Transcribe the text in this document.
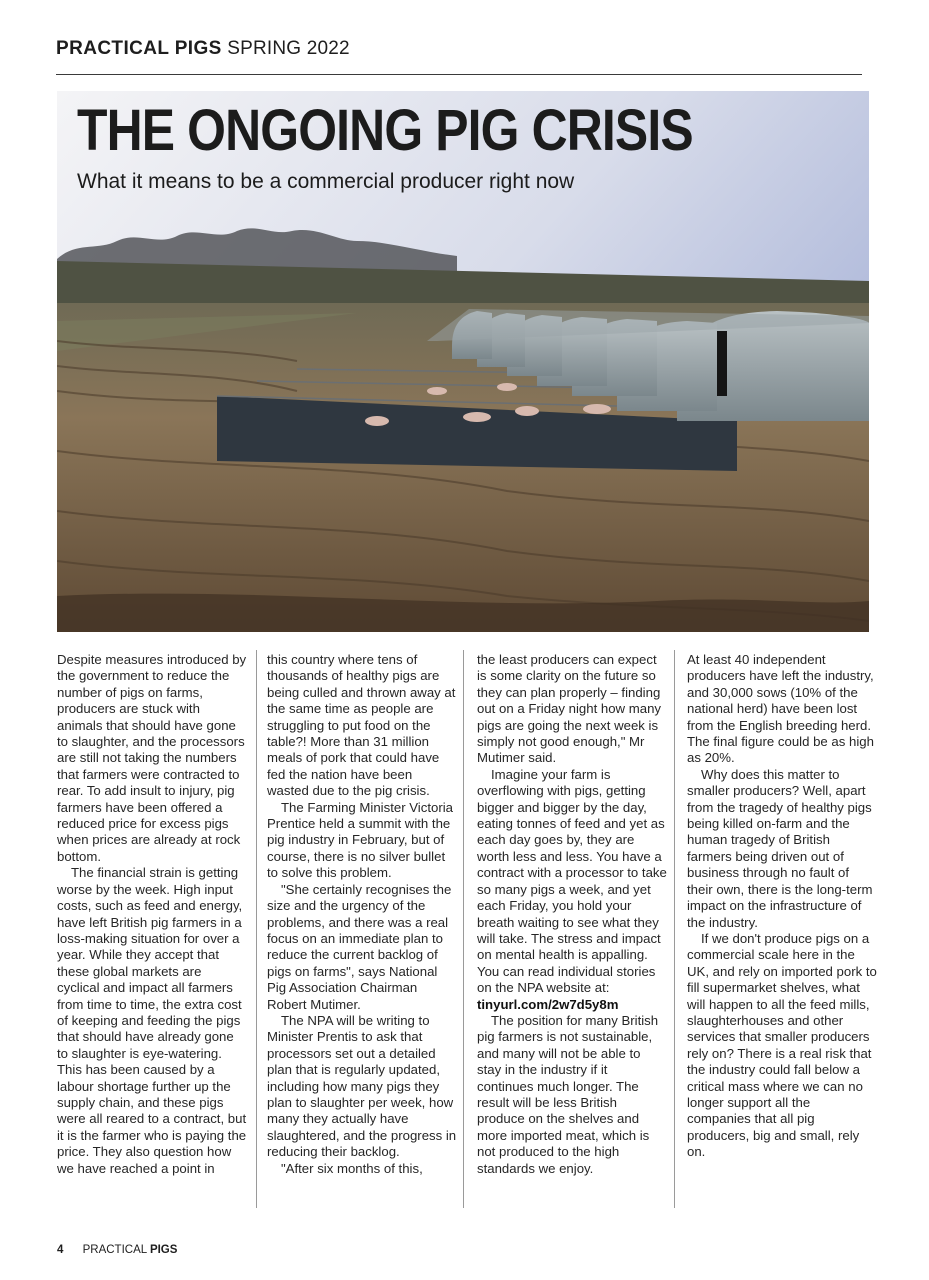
PRACTICAL PIGS SPRING 2022
THE ONGOING PIG CRISIS
What it means to be a commercial producer right now

Despite measures introduced by the government to reduce the number of pigs on farms, producers are stuck with animals that should have gone to slaughter, and the processors are still not taking the numbers that farmers were contracted to rear. To add insult to injury, pig farmers have been offered a reduced price for excess pigs when prices are already at rock bottom.

The financial strain is getting worse by the week. High input costs, such as feed and energy, have left British pig farmers in a loss-making situation for over a year. While they accept that these global markets are cyclical and impact all farmers from time to time, the extra cost of keeping and feeding the pigs that should have already gone to slaughter is eye-watering. This has been caused by a labour shortage further up the supply chain, and these pigs were all reared to a contract, but it is the farmer who is paying the price. They also question how we have reached a point in

this country where tens of thousands of healthy pigs are being culled and thrown away at the same time as people are struggling to put food on the table?! More than 31 million meals of pork that could have fed the nation have been wasted due to the pig crisis.

The Farming Minister Victoria Prentice held a summit with the pig industry in February, but of course, there is no silver bullet to solve this problem.

"She certainly recognises the size and the urgency of the problems, and there was a real focus on an immediate plan to reduce the current backlog of pigs on farms", says National Pig Association Chairman Robert Mutimer.

The NPA will be writing to Minister Prentis to ask that processors set out a detailed plan that is regularly updated, including how many pigs they plan to slaughter per week, how many they actually have slaughtered, and the progress in reducing their backlog.

"After six months of this,

the least producers can expect is some clarity on the future so they can plan properly – finding out on a Friday night how many pigs are going the next week is simply not good enough," Mr Mutimer said.

Imagine your farm is overflowing with pigs, getting bigger and bigger by the day, eating tonnes of feed and yet as each day goes by, they are worth less and less. You have a contract with a processor to take so many pigs a week, and yet each Friday, you hold your breath waiting to see what they will take. The stress and impact on mental health is appalling. You can read individual stories on the NPA website at: tinyurl.com/2w7d5y8m

The position for many British pig farmers is not sustainable, and many will not be able to stay in the industry if it continues much longer. The result will be less British produce on the shelves and more imported meat, which is not produced to the high standards we enjoy.

At least 40 independent producers have left the industry, and 30,000 sows (10% of the national herd) have been lost from the English breeding herd. The final figure could be as high as 20%.

Why does this matter to smaller producers? Well, apart from the tragedy of healthy pigs being killed on-farm and the human tragedy of British farmers being driven out of business through no fault of their own, there is the long-term impact on the infrastructure of the industry.

If we don't produce pigs on a commercial scale here in the UK, and rely on imported pork to fill supermarket shelves, what will happen to all the feed mills, slaughterhouses and other services that smaller producers rely on? There is a real risk that the industry could fall below a critical mass where we can no longer support all the companies that all pig producers, big and small, rely on.

4 PRACTICAL PIGS
